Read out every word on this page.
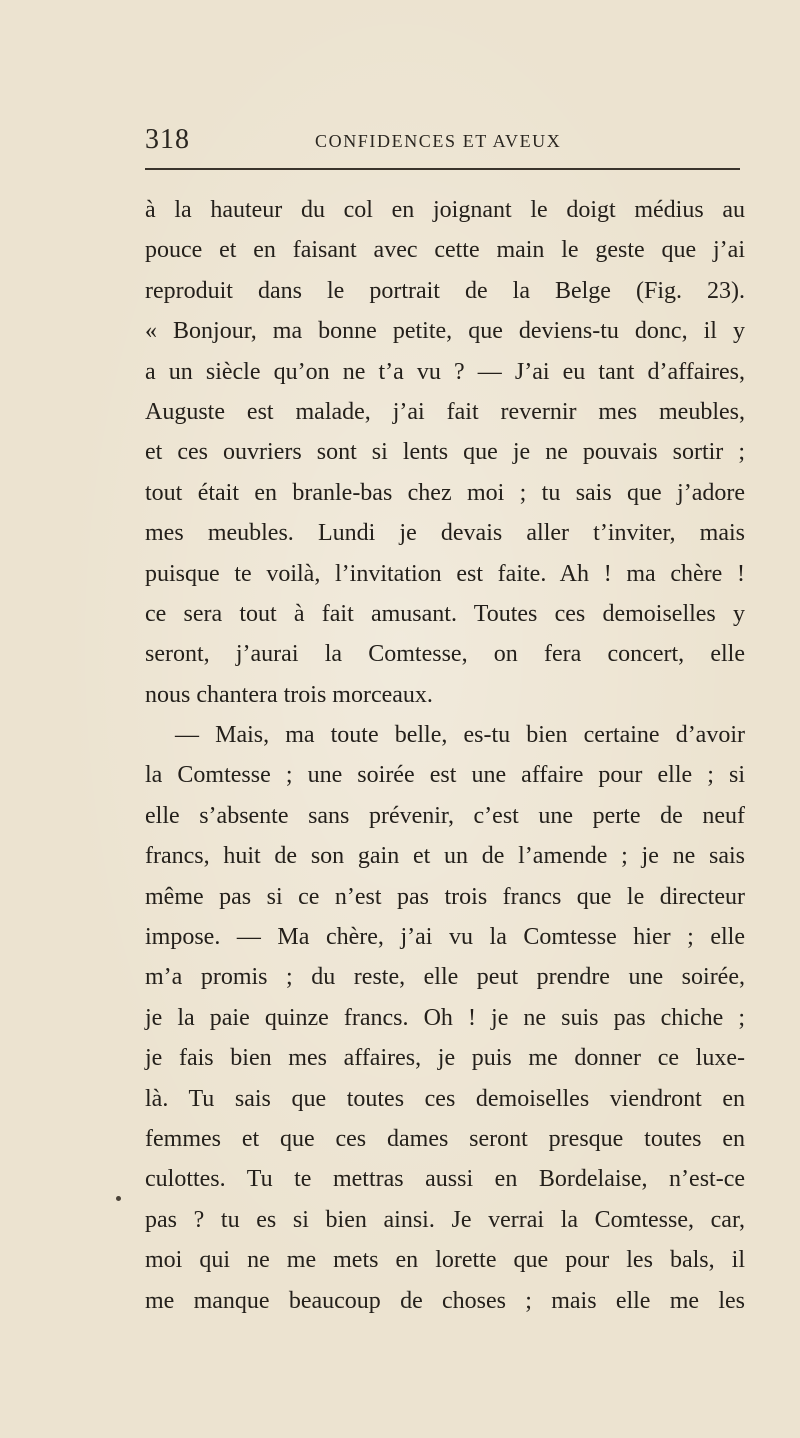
318	CONFIDENCES ET AVEUX
à la hauteur du col en joignant le doigt médius au
pouce et en faisant avec cette main le geste que j’ai
reproduit dans le portrait de la Belge (Fig. 23).
« Bonjour, ma bonne petite, que deviens-tu donc, il y
a un siècle qu’on ne t’a vu ? — J’ai eu tant d’affaires,
Auguste est malade, j’ai fait revernir mes meubles,
et ces ouvriers sont si lents que je ne pouvais sortir ;
tout était en branle-bas chez moi ; tu sais que j’adore
mes meubles. Lundi je devais aller t’inviter, mais
puisque te voilà, l’invitation est faite. Ah ! ma chère !
ce sera tout à fait amusant. Toutes ces demoiselles y
seront, j’aurai la Comtesse, on fera concert, elle
nous chantera trois morceaux.
— Mais, ma toute belle, es-tu bien certaine d’avoir
la Comtesse ; une soirée est une affaire pour elle ; si
elle s’absente sans prévenir, c’est une perte de neuf
francs, huit de son gain et un de l’amende ; je ne sais
même pas si ce n’est pas trois francs que le directeur
impose. — Ma chère, j’ai vu la Comtesse hier ; elle
m’a promis ; du reste, elle peut prendre une soirée,
je la paie quinze francs. Oh ! je ne suis pas chiche ;
je fais bien mes affaires, je puis me donner ce luxe-
là. Tu sais que toutes ces demoiselles viendront en
femmes et que ces dames seront presque toutes en
culottes. Tu te mettras aussi en Bordelaise, n’est-ce
pas ? tu es si bien ainsi. Je verrai la Comtesse, car,
moi qui ne me mets en lorette que pour les bals, il
me manque beaucoup de choses ; mais elle me les
